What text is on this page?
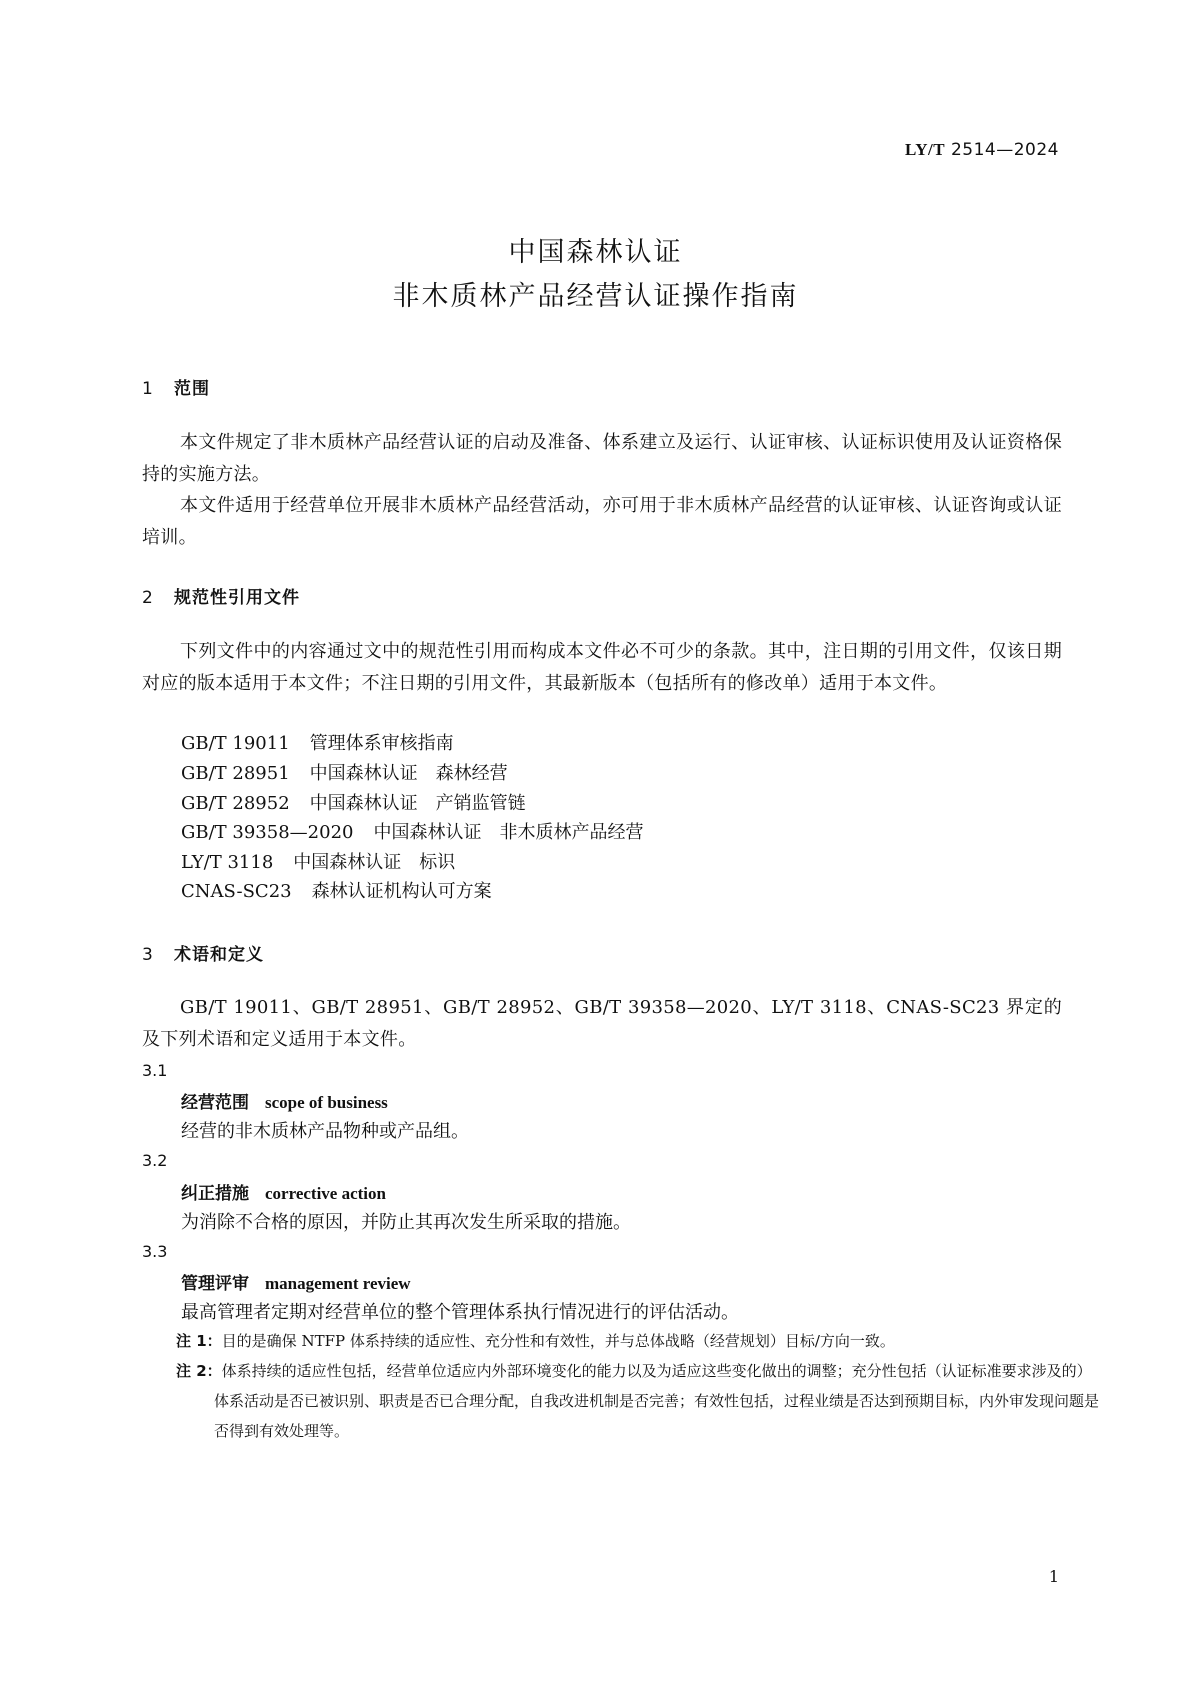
LY/T 2514—2024
中国森林认证
非木质林产品经营认证操作指南
1 范围
本文件规定了非木质林产品经营认证的启动及准备、体系建立及运行、认证审核、认证标识使用及认证资格保持的实施方法。
本文件适用于经营单位开展非木质林产品经营活动，亦可用于非木质林产品经营的认证审核、认证咨询或认证培训。
2 规范性引用文件
下列文件中的内容通过文中的规范性引用而构成本文件必不可少的条款。其中，注日期的引用文件，仅该日期对应的版本适用于本文件；不注日期的引用文件，其最新版本（包括所有的修改单）适用于本文件。
GB/T 19011 管理体系审核指南
GB/T 28951 中国森林认证　森林经营
GB/T 28952 中国森林认证　产销监管链
GB/T 39358—2020 中国森林认证　非木质林产品经营
LY/T 3118 中国森林认证　标识
CNAS-SC23 森林认证机构认可方案
3 术语和定义
GB/T 19011、GB/T 28951、GB/T 28952、GB/T 39358—2020、LY/T 3118、CNAS-SC23 界定的及下列术语和定义适用于本文件。
3.1
经营范围 scope of business
经营的非木质林产品物种或产品组。
3.2
纠正措施 corrective action
为消除不合格的原因，并防止其再次发生所采取的措施。
3.3
管理评审 management review
最高管理者定期对经营单位的整个管理体系执行情况进行的评估活动。
注 1：目的是确保 NTFP 体系持续的适应性、充分性和有效性，并与总体战略（经营规划）目标/方向一致。
注 2：体系持续的适应性包括，经营单位适应内外部环境变化的能力以及为适应这些变化做出的调整；充分性包括（认证标准要求涉及的）体系活动是否已被识别、职责是否已合理分配，自我改进机制是否完善；有效性包括，过程业绩是否达到预期目标，内外审发现问题是否得到有效处理等。
1
